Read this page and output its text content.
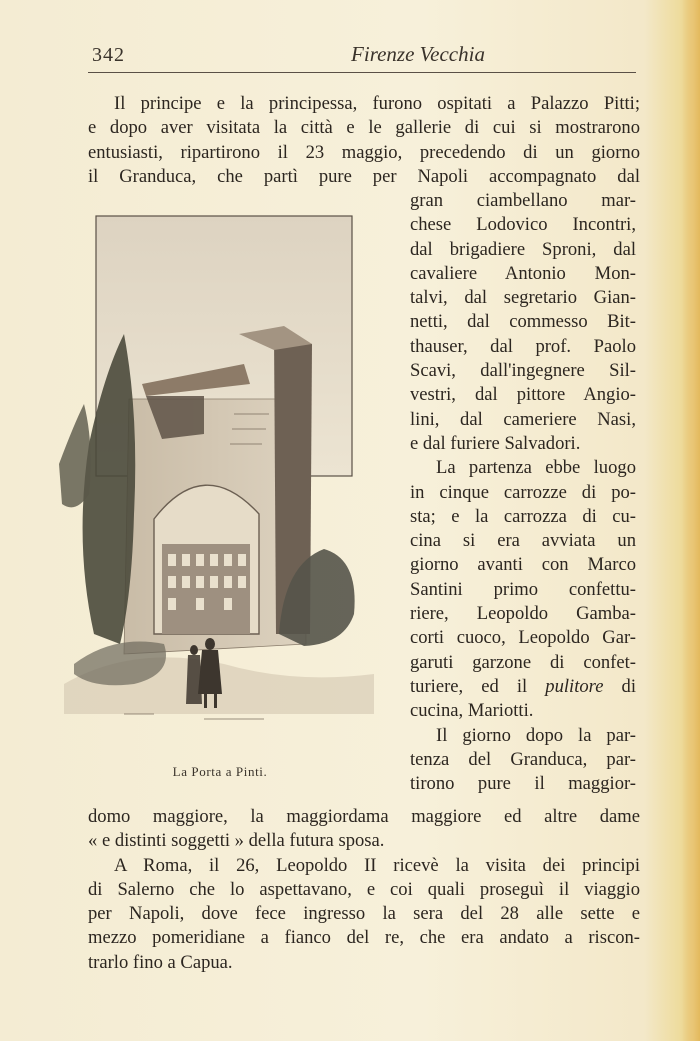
342	Firenze Vecchia
Il principe e la principessa, furono ospitati a Palazzo Pitti;
e dopo aver visitata la città e le gallerie di cui si mostrarono
entusiasti, ripartirono il 23 maggio, precedendo di un giorno
il Granduca, che partì pure per Napoli accompagnato dal
gran ciambellano mar-
chese Lodovico Incontri,
dal brigadiere Sproni, dal
cavaliere Antonio Mon-
talvi, dal segretario Gian-
netti, dal commesso Bit-
thauser, dal prof. Paolo
Scavi, dall'ingegnere Sil-
vestri, dal pittore Angio-
lini, dal cameriere Nasi,
e dal furiere Salvadori.
La partenza ebbe luogo
in cinque carrozze di po-
sta; e la carrozza di cu-
cina si era avviata un
giorno avanti con Marco
Santini primo confettu-
riere, Leopoldo Gamba-
corti cuoco, Leopoldo Gar-
garuti garzone di confet-
turiere, ed il pulitore di
cucina, Mariotti.
Il giorno dopo la par-
tenza del Granduca, par-
tirono pure il maggior-
La Porta a Pinti.
domo maggiore, la maggiordama maggiore ed altre dame
« e distinti soggetti » della futura sposa.
A Roma, il 26, Leopoldo II ricevè la visita dei principi
di Salerno che lo aspettavano, e coi quali proseguì il viaggio
per Napoli, dove fece ingresso la sera del 28 alle sette e
mezzo pomeridiane a fianco del re, che era andato a riscon-
trarlo fino a Capua.
